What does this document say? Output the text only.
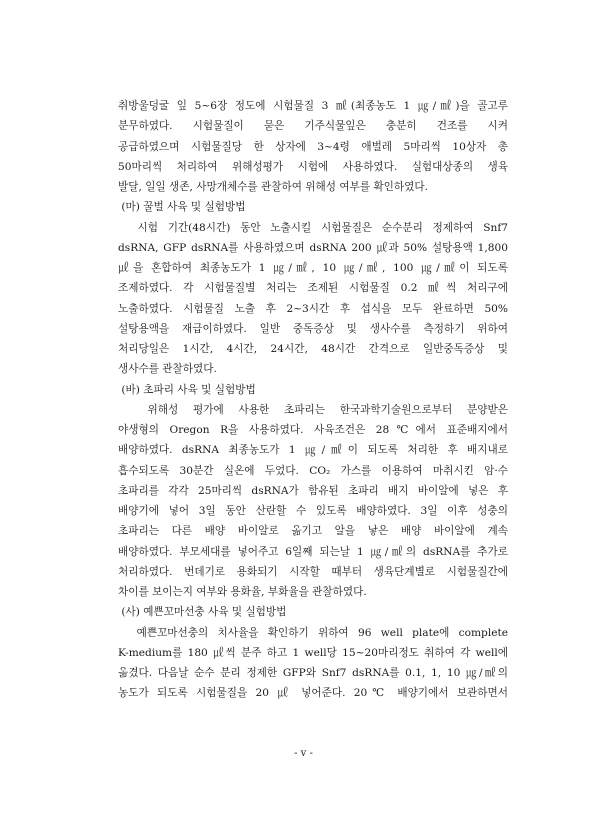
취방울덩굴 잎 5~6장 정도에 시험물질 3 ㎖(최종농도 1 ㎍/㎖)을 골고루
분무하였다. 시험물질이 묻은 기주식물잎은 충분히 건조를 시켜
공급하였으며 시험물질당 한 상자에 3~4령 애벌레 5마리씩 10상자 총
50마리씩 처리하여 위해성평가 시험에 사용하였다. 실험대상종의 생육
발달, 일일 생존, 사망개체수를 관찰하여 위해성 여부를 확인하였다.
(마) 꿀벌 사육 및 실험방법
시험 기간(48시간) 동안 노출시킬 시험물질은 순수분리 정제하여 Snf7
dsRNA, GFP dsRNA를 사용하였으며 dsRNA 200 ㎕과 50% 설탕용액 1,800
㎕을 혼합하여 최종농도가 1 ㎍/㎖, 10 ㎍/㎖, 100 ㎍/㎖이 되도록
조제하였다. 각 시험물질별 처리는 조제된 시험물질 0.2 ㎖씩 처리구에
노출하였다. 시험물질 노출 후 2~3시간 후 섭식을 모두 완료하면 50%
설탕용액을 재급이하였다. 일반 중독증상 및 생사수를 측정하기 위하여
처리당일은 1시간, 4시간, 24시간, 48시간 간격으로 일반중독증상 및
생사수를 관찰하였다.
(바) 초파리 사육 및 실험방법
위해성 평가에 사용한 초파리는 한국과학기술원으로부터 분양받은
야생형의 Oregon R을 사용하였다. 사육조건은 28℃에서 표준배지에서
배양하였다. dsRNA 최종농도가 1 ㎍/㎖이 되도록 처리한 후 배지내로
흡수되도록 30분간 실온에 두었다. CO₂ 가스를 이용하여 마취시킨 암·수
초파리를 각각 25마리씩 dsRNA가 함유된 초파리 배지 바이알에 넣은 후
배양기에 넣어 3일 동안 산란할 수 있도록 배양하였다. 3일 이후 성충의
초파리는 다른 배양 바이알로 옮기고 알을 낳은 배양 바이알에 계속
배양하였다. 부모세대를 넣어주고 6일째 되는날 1 ㎍/㎖의 dsRNA를 추가로
처리하였다. 번데기로 용화되기 시작할 때부터 생육단계별로 시험물질간에
차이를 보이는지 여부와 용화율, 부화율을 관찰하였다.
(사) 예쁜꼬마선충 사육 및 실험방법
예쁜꼬마선충의 치사율을 확인하기 위하여 96 well plate에 complete
K-medium를 180 ㎕씩 분주 하고 1 well당 15~20마리정도 취하여 각 well에
옮겼다. 다음날 순수 분리 정제한 GFP와 Snf7 dsRNA를 0.1, 1, 10 ㎍/㎖의
농도가 되도록 시험물질을 20 ㎕ 넣어준다. 20℃ 배양기에서 보관하면서
- v -
